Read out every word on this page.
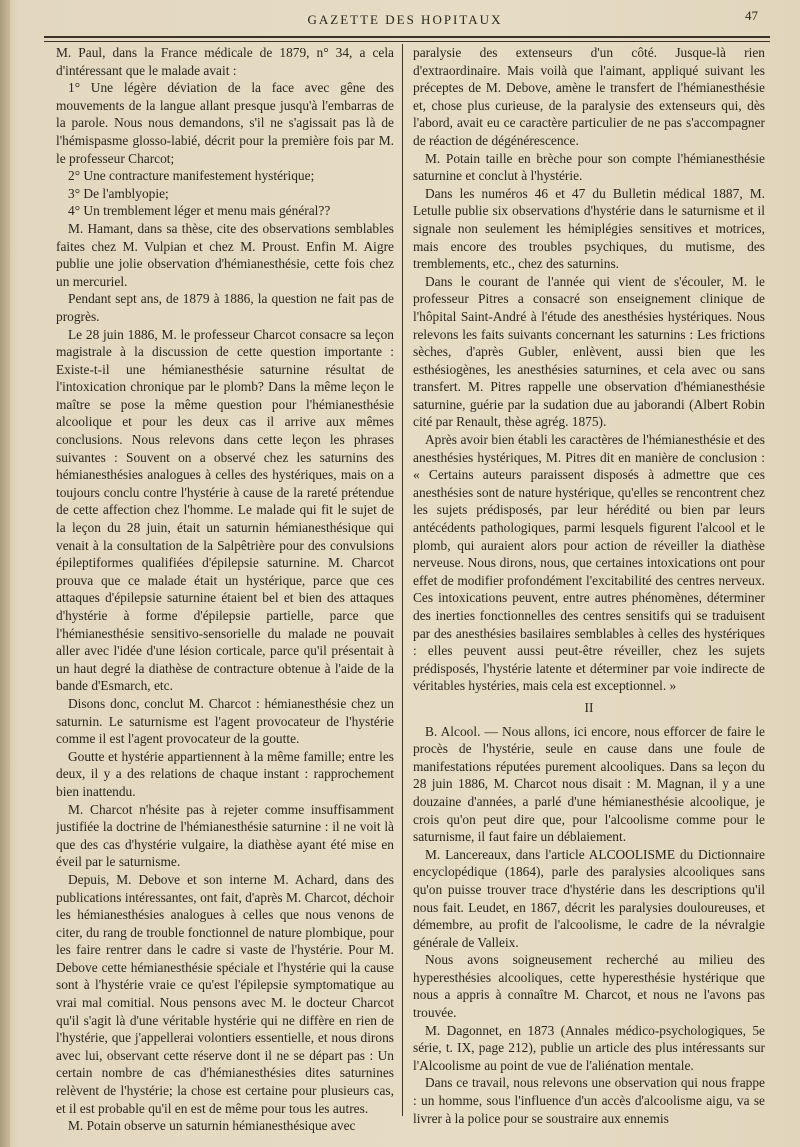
GAZETTE DES HOPITAUX	47

M. Paul, dans la France médicale de 1879, n° 34, a cela d'intéressant que le malade avait :

1° Une légère déviation de la face avec gêne des mouvements de la langue allant presque jusqu'à l'embarras de la parole. Nous nous demandons, s'il ne s'agissait pas là de l'hémispasme glosso-labié, décrit pour la première fois par M. le professeur Charcot;

2° Une contracture manifestement hystérique;

3° De l'amblyopie;

4° Un tremblement léger et menu mais général??

M. Hamant, dans sa thèse, cite des observations semblables faites chez M. Vulpian et chez M. Proust. Enfin M. Aigre publie une jolie observation d'hémianesthésie, cette fois chez un mercuriel.

Pendant sept ans, de 1879 à 1886, la question ne fait pas de progrès.

Le 28 juin 1886, M. le professeur Charcot consacre sa leçon magistrale à la discussion de cette question importante : Existe-t-il une hémianesthésie saturnine résultat de l'intoxication chronique par le plomb? Dans la même leçon le maître se pose la même question pour l'hémianesthésie alcoolique et pour les deux cas il arrive aux mêmes conclusions. Nous relevons dans cette leçon les phrases suivantes : Souvent on a observé chez les saturnins des hémianesthésies analogues à celles des hystériques, mais on a toujours conclu contre l'hystérie à cause de la rareté prétendue de cette affection chez l'homme. Le malade qui fit le sujet de la leçon du 28 juin, était un saturnin hémianesthésique qui venait à la consultation de la Salpêtrière pour des convulsions épileptiformes qualifiées d'épilepsie saturnine. M. Charcot prouva que ce malade était un hystérique, parce que ces attaques d'épilepsie saturnine étaient bel et bien des attaques d'hystérie à forme d'épilepsie partielle, parce que l'hémianesthésie sensitivo-sensorielle du malade ne pouvait aller avec l'idée d'une lésion corticale, parce qu'il présentait à un haut degré la diathèse de contracture obtenue à l'aide de la bande d'Esmarch, etc.

Disons donc, conclut M. Charcot : hémianesthésie chez un saturnin. Le saturnisme est l'agent provocateur de l'hystérie comme il est l'agent provocateur de la goutte.

Goutte et hystérie appartiennent à la même famille; entre les deux, il y a des relations de chaque instant : rapprochement bien inattendu.

M. Charcot n'hésite pas à rejeter comme insuffisamment justifiée la doctrine de l'hémianesthésie saturnine : il ne voit là que des cas d'hystérie vulgaire, la diathèse ayant été mise en éveil par le saturnisme.

Depuis, M. Debove et son interne M. Achard, dans des publications intéressantes, ont fait, d'après M. Charcot, déchoir les hémianesthésies analogues à celles que nous venons de citer, du rang de trouble fonctionnel de nature plombique, pour les faire rentrer dans le cadre si vaste de l'hystérie. Pour M. Debove cette hémianesthésie spéciale et l'hystérie qui la cause sont à l'hystérie vraie ce qu'est l'épilepsie symptomatique au vrai mal comitial. Nous pensons avec M. le docteur Charcot qu'il s'agit là d'une véritable hystérie qui ne diffère en rien de l'hystérie, que j'appellerai volontiers essentielle, et nous dirons avec lui, observant cette réserve dont il ne se départ pas : Un certain nombre de cas d'hémianesthésies dites saturnines relèvent de l'hystérie; la chose est certaine pour plusieurs cas, et il est probable qu'il en est de même pour tous les autres.

M. Potain observe un saturnin hémianesthésique avec

paralysie des extenseurs d'un côté. Jusque-là rien d'extraordinaire. Mais voilà que l'aimant, appliqué suivant les préceptes de M. Debove, amène le transfert de l'hémianesthésie et, chose plus curieuse, de la paralysie des extenseurs qui, dès l'abord, avait eu ce caractère particulier de ne pas s'accompagner de réaction de dégénérescence.

M. Potain taille en brèche pour son compte l'hémianesthésie saturnine et conclut à l'hystérie.

Dans les numéros 46 et 47 du Bulletin médical 1887, M. Letulle publie six observations d'hystérie dans le saturnisme et il signale non seulement les hémiplégies sensitives et motrices, mais encore des troubles psychiques, du mutisme, des tremblements, etc., chez des saturnins.

Dans le courant de l'année qui vient de s'écouler, M. le professeur Pitres a consacré son enseignement clinique de l'hôpital Saint-André à l'étude des anesthésies hystériques. Nous relevons les faits suivants concernant les saturnins : Les frictions sèches, d'après Gubler, enlèvent, aussi bien que les esthésiogènes, les anesthésies saturnines, et cela avec ou sans transfert. M. Pitres rappelle une observation d'hémianesthésie saturnine, guérie par la sudation due au jaborandi (Albert Robin cité par Renault, thèse agrég. 1875).

Après avoir bien établi les caractères de l'hémianesthésie et des anesthésies hystériques, M. Pitres dit en manière de conclusion : « Certains auteurs paraissent disposés à admettre que ces anesthésies sont de nature hystérique, qu'elles se rencontrent chez les sujets prédisposés, par leur hérédité ou bien par leurs antécédents pathologiques, parmi lesquels figurent l'alcool et le plomb, qui auraient alors pour action de réveiller la diathèse nerveuse. Nous dirons, nous, que certaines intoxications ont pour effet de modifier profondément l'excitabilité des centres nerveux. Ces intoxications peuvent, entre autres phénomènes, déterminer des inerties fonctionnelles des centres sensitifs qui se traduisent par des anesthésies basilaires semblables à celles des hystériques : elles peuvent aussi peut-être réveiller, chez les sujets prédisposés, l'hystérie latente et déterminer par voie indirecte de véritables hystéries, mais cela est exceptionnel. »

II

B. Alcool. — Nous allons, ici encore, nous efforcer de faire le procès de l'hystérie, seule en cause dans une foule de manifestations réputées purement alcooliques. Dans sa leçon du 28 juin 1886, M. Charcot nous disait : M. Magnan, il y a une douzaine d'années, a parlé d'une hémianesthésie alcoolique, je crois qu'on peut dire que, pour l'alcoolisme comme pour le saturnisme, il faut faire un déblaiement.

M. Lancereaux, dans l'article ALCOOLISME du Dictionnaire encyclopédique (1864), parle des paralysies alcooliques sans qu'on puisse trouver trace d'hystérie dans les descriptions qu'il nous fait. Leudet, en 1867, décrit les paralysies douloureuses, et démembre, au profit de l'alcoolisme, le cadre de la névralgie générale de Valleix.

Nous avons soigneusement recherché au milieu des hyperesthésies alcooliques, cette hyperesthésie hystérique que nous a appris à connaître M. Charcot, et nous ne l'avons pas trouvée.

M. Dagonnet, en 1873 (Annales médico-psychologiques, 5e série, t. IX, page 212), publie un article des plus intéressants sur l'Alcoolisme au point de vue de l'aliénation mentale.

Dans ce travail, nous relevons une observation qui nous frappe : un homme, sous l'influence d'un accès d'alcoolisme aigu, va se livrer à la police pour se soustraire aux ennemis
